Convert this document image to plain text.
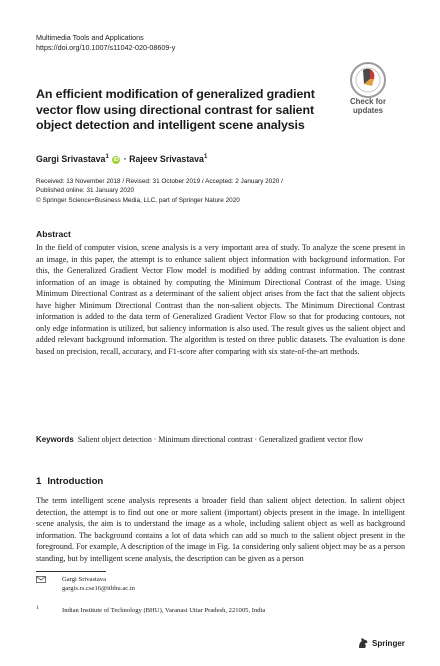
Multimedia Tools and Applications
https://doi.org/10.1007/s11042-020-08609-y
Check for
updates
An efficient modification of generalized gradient vector flow using directional contrast for salient object detection and intelligent scene analysis
Gargi Srivastava$^1$ iD · Rajeev Srivastava$^1$
Received: 13 November 2018 / Revised: 31 October 2019 / Accepted: 2 January 2020 /
Published online: 31 January 2020
© Springer Science+Business Media, LLC, part of Springer Nature 2020
Abstract
In the field of computer vision, scene analysis is a very important area of study. To analyze the scene present in an image, in this paper, the attempt is to enhance salient object information with background information. For this, the Generalized Gradient Vector Flow model is modified by adding contrast information. The contrast information of an image is obtained by computing the Minimum Directional Contrast of the image. Using Minimum Directional Contrast as a determinant of the salient object arises from the fact that the salient objects have higher Minimum Directional Contrast than the non-salient objects. The Minimum Directional Contrast information is added to the data term of Generalized Gradient Vector Flow so that for producing contours, not only edge information is utilized, but saliency information is also used. The result gives us the salient object and added relevant background information. The algorithm is tested on three public datasets. The evaluation is done based on precision, recall, accuracy, and F1-score after comparing with six state-of-the-art methods.
Keywords Salient object detection · Minimum directional contrast · Generalized gradient vector flow
1 Introduction
The term intelligent scene analysis represents a broader field than salient object detection. In salient object detection, the attempt is to find out one or more salient (important) objects present in the image. In intelligent scene analysis, the aim is to understand the image as a whole, including salient object as well as background information. The background contains a lot of data which can add so much to the salient object present in the foreground. For example, A description of the image in Fig. 1a considering only salient object may be as a person standing, but by intelligent scene analysis, the description can be given as a person
Gargi Srivastava
gargis.rs.cse16@itbhu.ac.in
1	Indian Institute of Technology (BHU), Varanasi Uttar Pradesh, 221005, India
Springer
